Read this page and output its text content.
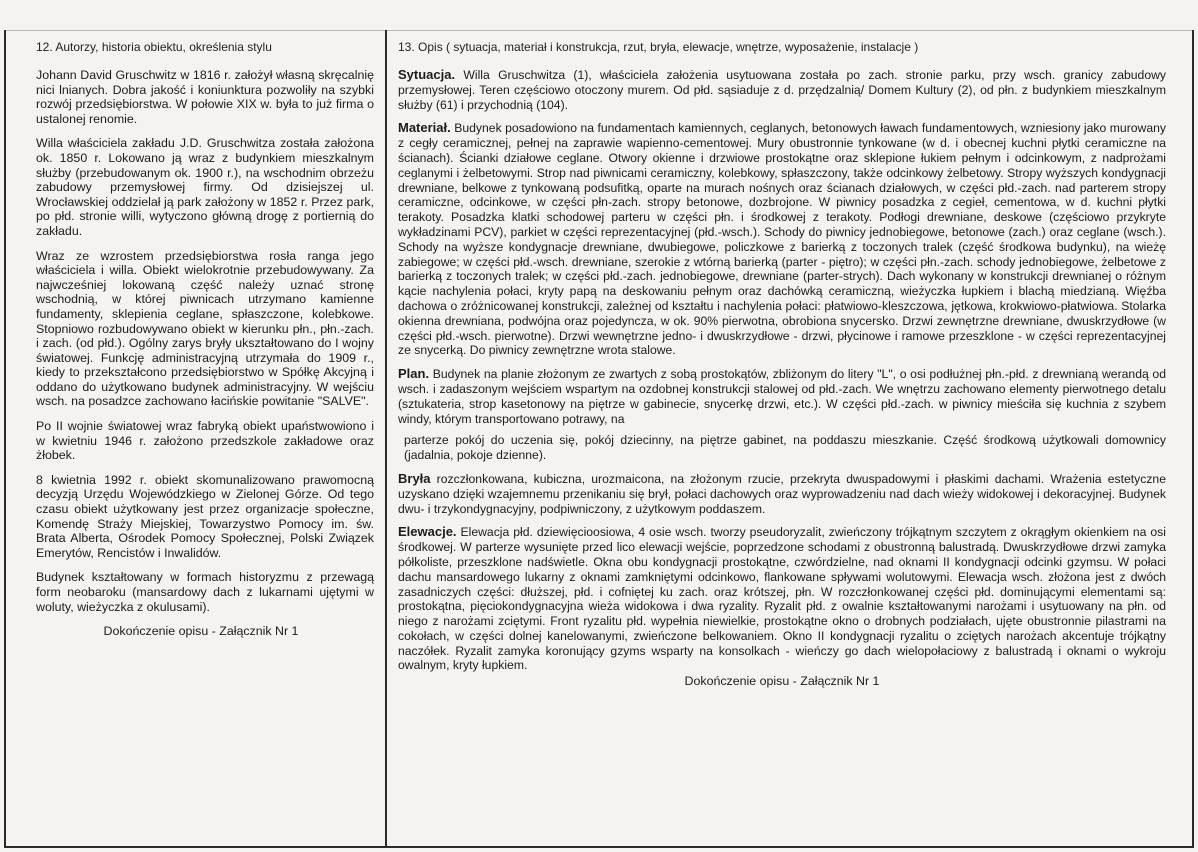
12. Autorzy, historia obiektu, określenia stylu

Johann David Gruschwitz w 1816 r. założył własną skręcalnię nici lnianych. Dobra jakość i koniunktura pozwoliły na szybki rozwój przedsiębiorstwa. W połowie XIX w. była to już firma o ustalonej renomie.

Willa właściciela zakładu J.D. Gruschwitza została założona ok. 1850 r. Lokowano ją wraz z budynkiem mieszkalnym służby (przebudowanym ok. 1900 r.), na wschodnim obrzeżu zabudowy przemysłowej firmy. Od dzisiejszej ul. Wrocławskiej oddzielał ją park założony w 1852 r. Przez park, po płd. stronie willi, wytyczono główną drogę z portiernią do zakładu.

Wraz ze wzrostem przedsiębiorstwa rosła ranga jego właściciela i willa. Obiekt wielokrotnie przebudowywany. Za najwcześniej lokowaną część należy uznać stronę wschodnią, w której piwnicach utrzymano kamienne fundamenty, sklepienia ceglane, spłaszczone, kolebkowe. Stopniowo rozbudowywano obiekt w kierunku płn., płn.-zach. i zach. (od płd.). Ogólny zarys bryły ukształtowano do I wojny światowej. Funkcję administracyjną utrzymała do 1909 r., kiedy to przekształcono przedsiębiorstwo w Spółkę Akcyjną i oddano do użytkowano budynek administracyjny. W wejściu wsch. na posadzce zachowano łacińskie powitanie "SALVE".

Po II wojnie światowej wraz fabryką obiekt upaństwowiono i w kwietniu 1946 r. założono przedszkole zakładowe oraz żłobek.

8 kwietnia 1992 r. obiekt skomunalizowano prawomocną decyzją Urzędu Wojewódzkiego w Zielonej Górze. Od tego czasu obiekt użytkowany jest przez organizacje społeczne, Komendę Straży Miejskiej, Towarzystwo Pomocy im. św. Brata Alberta, Ośrodek Pomocy Społecznej, Polski Związek Emerytów, Rencistów i Inwalidów.

Budynek kształtowany w formach historyzmu z przewagą form neobaroku (mansardowy dach z lukarnami ujętymi w woluty, wieżyczka z okulusami).

Dokończenie opisu - Załącznik Nr 1
13. Opis ( sytuacja, materiał i konstrukcja, rzut, bryła, elewacje, wnętrze, wyposażenie, instalacje )

Sytuacja. Willa Gruschwitza (1), właściciela założenia usytuowana została po zach. stronie parku, przy wsch. granicy zabudowy przemysłowej. Teren częściowo otoczony murem. Od płd. sąsiaduje z d. przędzalnią/ Domem Kultury (2), od płn. z budynkiem mieszkalnym służby (61) i przychodnią (104).

Materiał. Budynek posadowiono na fundamentach kamiennych, ceglanych, betonowych ławach fundamentowych, wzniesiony jako murowany z cegły ceramicznej, pełnej na zaprawie wapienno-cementowej. Mury obustronnie tynkowane (w d. i obecnej kuchni płytki ceramiczne na ścianach). Ścianki działowe ceglane. Otwory okienne i drzwiowe prostokątne oraz sklepione łukiem pełnym i odcinkowym, z nadprożami ceglanymi i żelbetowymi. Strop nad piwnicami ceramiczny, kolebkowy, spłaszczony, także odcinkowy żelbetowy. Stropy wyższych kondygnacji drewniane, belkowe z tynkowaną podsufitką, oparte na murach nośnych oraz ścianach działowych, w części płd.-zach. nad parterem stropy ceramiczne, odcinkowe, w części płn-zach. stropy betonowe, dozbrojone. W piwnicy posadzka z cegieł, cementowa, w d. kuchni płytki terakoty. Posadzka klatki schodowej parteru w części płn. i środkowej z terakoty. Podłogi drewniane, deskowe (częściowo przykryte wykładzinami PCV), parkiet w części reprezentacyjnej (płd.-wsch.). Schody do piwnicy jednobiegowe, betonowe (zach.) oraz ceglane (wsch.). Schody na wyższe kondygnacje drewniane, dwubiegowe, policzkowe z barierką z toczonych tralek (część środkowa budynku), na wieżę zabiegowe; w części płd.-wsch. drewniane, szerokie z wtórną barierką (parter - piętro); w części płn.-zach. schody jednobiegowe, żelbetowe z barierką z toczonych tralek; w części płd.-zach. jednobiegowe, drewniane (parter-strych). Dach wykonany w konstrukcji drewnianej o różnym kącie nachylenia połaci, kryty papą na deskowaniu pełnym oraz dachówką ceramiczną, wieżyczka łupkiem i blachą miedzianą. Więźba dachowa o zróżnicowanej konstrukcji, zależnej od kształtu i nachylenia połaci: płatwiowo-kleszczowa, jętkowa, krokwiowo-płatwiowa. Stolarka okienna drewniana, podwójna oraz pojedyncza, w ok. 90% pierwotna, obrobiona snycersko. Drzwi zewnętrzne drewniane, dwuskrzydłowe (w części płd.-wsch. pierwotne). Drzwi wewnętrzne jedno- i dwuskrzydłowe - drzwi, płycinowe i ramowe przeszklone - w części reprezentacyjnej ze snycerką. Do piwnicy zewnętrzne wrota stalowe.

Plan. Budynek na planie złożonym ze zwartych z sobą prostokątów, zbliżonym do litery "L", o osi podłużnej płn.-płd. z drewnianą werandą od wsch. i zadaszonym wejściem wspartym na ozdobnej konstrukcji stalowej od płd.-zach. We wnętrzu zachowano elementy pierwotnego detalu (sztukateria, strop kasetonowy na piętrze w gabinecie, snycerkę drzwi, etc.). W części płd.-zach. w piwnicy mieściła się kuchnia z szybem windy, którym transportowano potrawy, na

parterze pokój do uczenia się, pokój dziecinny, na piętrze gabinet, na poddaszu mieszkanie. Część środkową użytkowali domownicy (jadalnia, pokoje dzienne).

Bryła rozczłonkowana, kubiczna, urozmaicona, na złożonym rzucie, przekryta dwuspadowymi i płaskimi dachami. Wrażenia estetyczne uzyskano dzięki wzajemnemu przenikaniu się brył, połaci dachowych oraz wyprowadzeniu nad dach wieży widokowej i dekoracyjnej. Budynek dwu- i trzykondygnacyjny, podpiwniczony, z użytkowym poddaszem.

Elewacje. Elewacja płd. dziewięcioosiowa, 4 osie wsch. tworzy pseudoryzalit, zwieńczony trójkątnym szczytem z okrągłym okienkiem na osi środkowej. W parterze wysunięte przed lico elewacji wejście, poprzedzone schodami z obustronną balustradą. Dwuskrzydłowe drzwi zamyka półkoliste, przeszklone nadświetle. Okna obu kondygnacji prostokątne, czwórdzielne, nad oknami II kondygnacji odcinki gzymsu. W połaci dachu mansardowego lukarny z oknami zamkniętymi odcinkowo, flankowane spływami wolutowymi. Elewacja wsch. złożona jest z dwóch zasadniczych części: dłuższej, płd. i cofniętej ku zach. oraz krótszej, płn. W rozczłonkowanej części płd. dominującymi elementami są: prostokątna, pięciokondygnacyjna wieża widokowa i dwa ryzality. Ryzalit płd. z owalnie kształtowanymi narożami i usytuowany na płn. od niego z narożami zciętymi. Front ryzalitu płd. wypełnia niewielkie, prostokątne okno o drobnych podziałach, ujęte obustronnie pilastrami na cokołach, w części dolnej kanelowanymi, zwieńczone belkowaniem. Okno II kondygnacji ryzalitu o zciętych narożach akcentuje trójkątny naczółek. Ryzalit zamyka koronujący gzyms wsparty na konsolkach - wieńczy go dach wielopołaciowy z balustradą i oknami o wykroju owalnym, kryty łupkiem.

Dokończenie opisu - Załącznik Nr 1
